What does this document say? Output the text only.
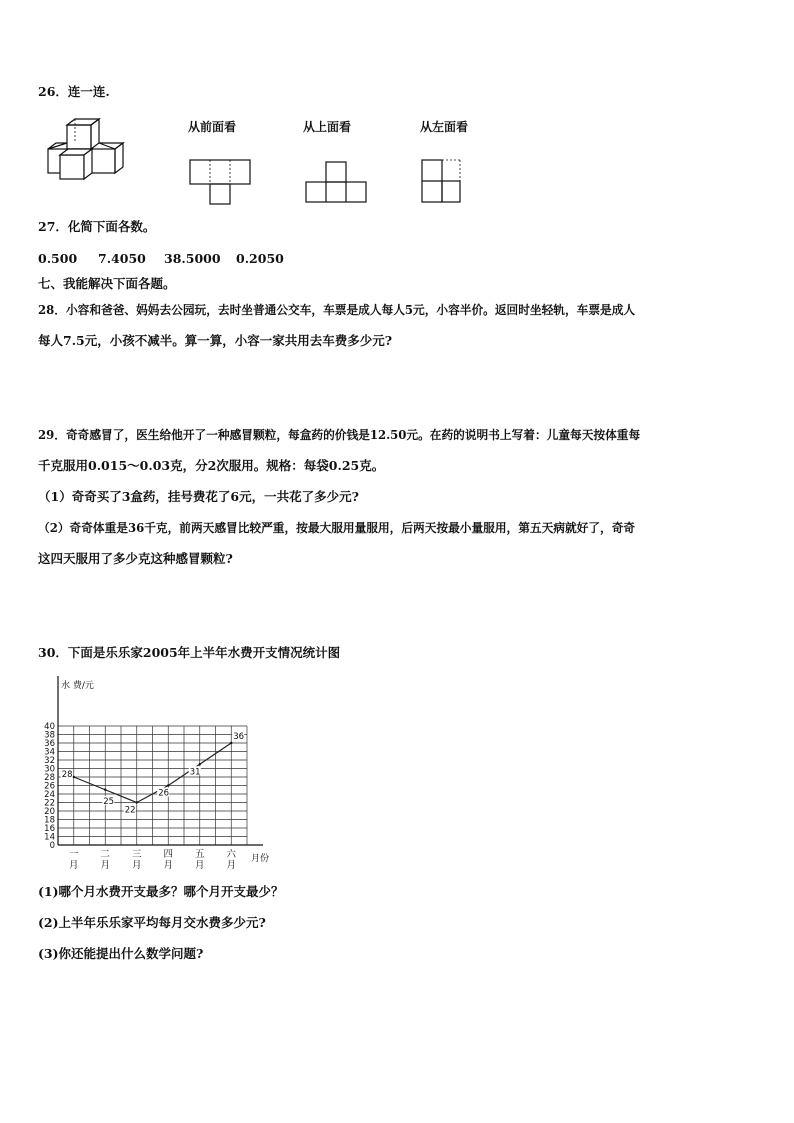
26．连一连.
从前面看	从上面看	从左面看
27．化简下面各数。
0.500 7.4050 38.5000 0.2050
七、我能解决下面各题。
28．小容和爸爸、妈妈去公园玩，去时坐普通公交车，车票是成人每人5元，小容半价。返回时坐轻轨，车票是成人
每人7.5元，小孩不减半。算一算，小容一家共用去车费多少元?
29．奇奇感冒了，医生给他开了一种感冒颗粒，每盒药的价钱是12.50元。在药的说明书上写着：儿童每天按体重每
千克服用0.015～0.03克，分2次服用。规格：每袋0.25克。
（1）奇奇买了3盒药，挂号费花了6元，一共花了多少元?
（2）奇奇体重是36千克，前两天感冒比较严重，按最大服用量服用，后两天按最小量服用，第五天病就好了，奇奇
这四天服用了多少克这种感冒颗粒?
30．下面是乐乐家2005年上半年水费开支情况统计图
0
14
16
18
20
22
24
26
28
30
32
34
36
38
40
水 费/元
月份
一
月
二
月
三
月
四
月
五
月
六
月
28
25
22
26
31
36
(1)哪个月水费开支最多？哪个月开支最少？
(2)上半年乐乐家平均每月交水费多少元?
(3)你还能提出什么数学问题?
